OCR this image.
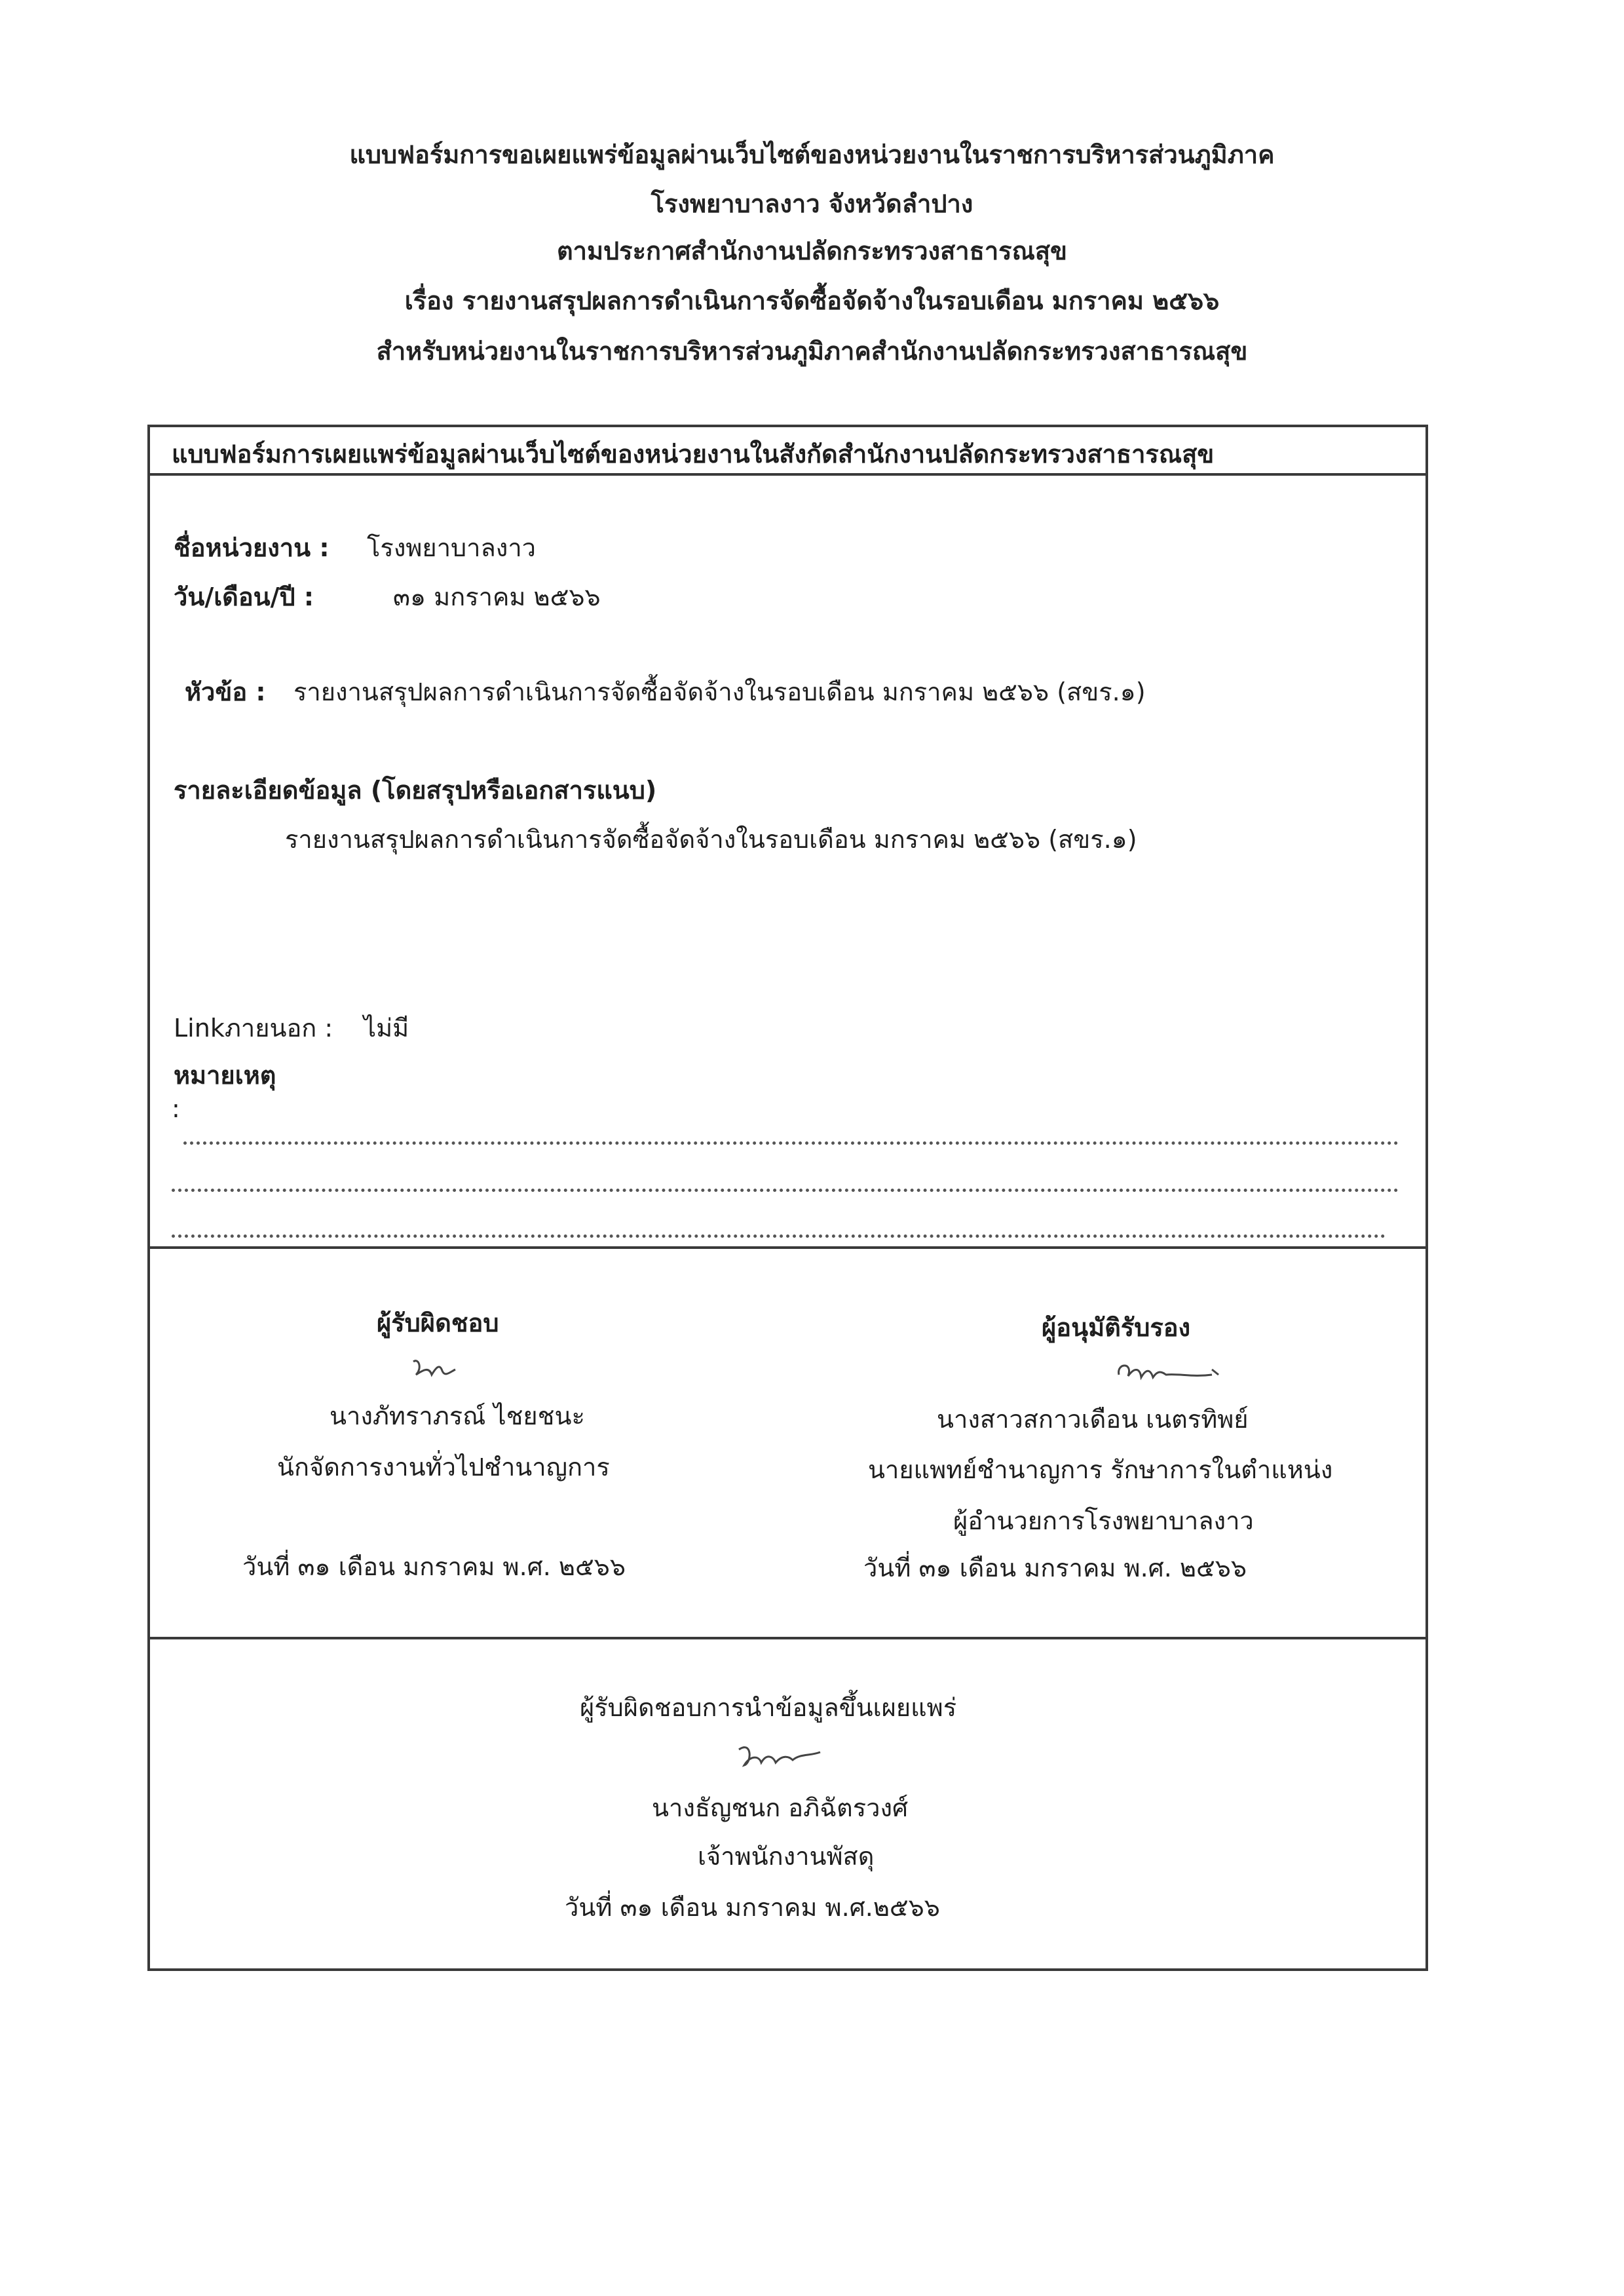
แบบฟอร์มการขอเผยแพร่ข้อมูลผ่านเว็บไซต์ของหน่วยงานในราชการบริหารส่วนภูมิภาค
โรงพยาบาลงาว จังหวัดลำปาง
ตามประกาศสำนักงานปลัดกระทรวงสาธารณสุข
เรื่อง รายงานสรุปผลการดำเนินการจัดซื้อจัดจ้างในรอบเดือน มกราคม ๒๕๖๖
สำหรับหน่วยงานในราชการบริหารส่วนภูมิภาคสำนักงานปลัดกระทรวงสาธารณสุข
แบบฟอร์มการเผยแพร่ข้อมูลผ่านเว็บไซต์ของหน่วยงานในสังกัดสำนักงานปลัดกระทรวงสาธารณสุข
ชื่อหน่วยงาน : โรงพยาบาลงาว
วัน/เดือน/ปี :	๓๑ มกราคม ๒๕๖๖
หัวข้อ : รายงานสรุปผลการดำเนินการจัดซื้อจัดจ้างในรอบเดือน มกราคม ๒๕๖๖ (สขร.๑)
รายละเอียดข้อมูล (โดยสรุปหรือเอกสารแนบ)
รายงานสรุปผลการดำเนินการจัดซื้อจัดจ้างในรอบเดือน มกราคม ๒๕๖๖ (สขร.๑)
Linkภายนอก : ไม่มี
หมายเหตุ
:
ผู้รับผิดชอบ
นางภัทราภรณ์ ไชยชนะ
นักจัดการงานทั่วไปชำนาญการ
วันที่ ๓๑ เดือน มกราคม พ.ศ. ๒๕๖๖
ผู้อนุมัติรับรอง
นางสาวสกาวเดือน เนตรทิพย์
นายแพทย์ชำนาญการ รักษาการในตำแหน่ง
ผู้อำนวยการโรงพยาบาลงาว
วันที่ ๓๑ เดือน มกราคม พ.ศ. ๒๕๖๖
ผู้รับผิดชอบการนำข้อมูลขึ้นเผยแพร่
นางธัญชนก อภิฉัตรวงศ์
เจ้าพนักงานพัสดุ
วันที่ ๓๑ เดือน มกราคม พ.ศ.๒๕๖๖
